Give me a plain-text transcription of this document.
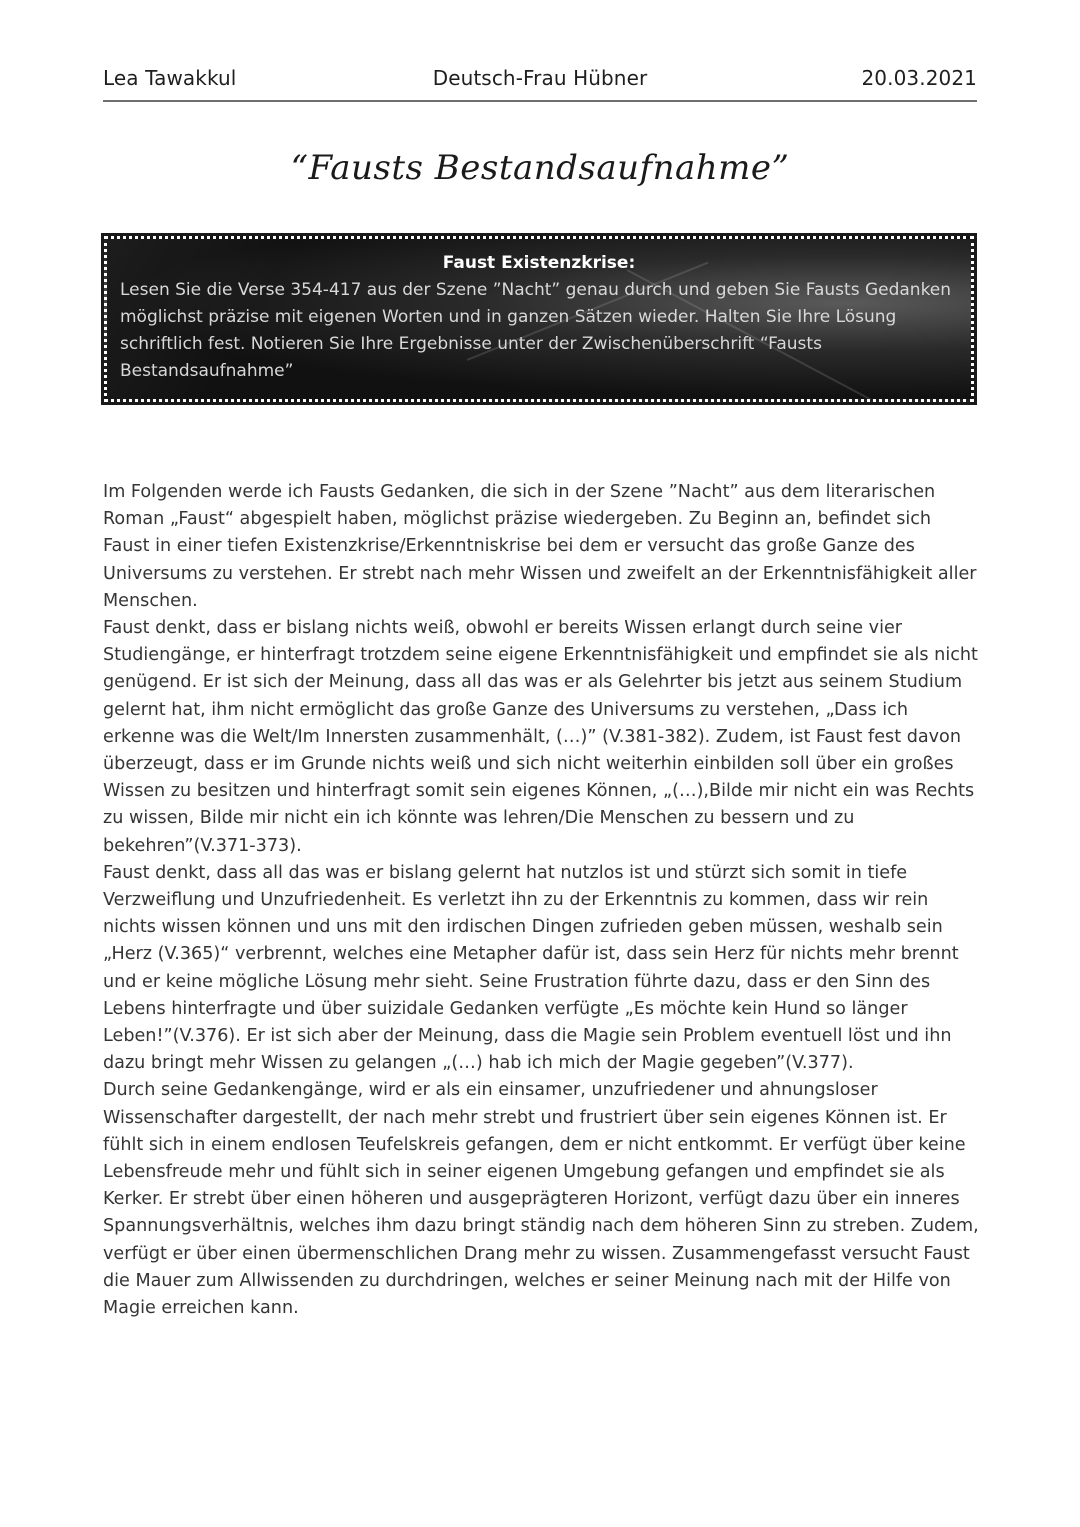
Lea Tawakkul	Deutsch-Frau Hübner	20.03.2021
“Fausts Bestandsaufnahme”
Faust Existenzkrise:
Lesen Sie die Verse 354-417 aus der Szene ”Nacht” genau durch und geben Sie Fausts Gedanken möglichst präzise mit eigenen Worten und in ganzen Sätzen wieder. Halten Sie Ihre Lösung schriftlich fest. Notieren Sie Ihre Ergebnisse unter der Zwischenüberschrift “Fausts Bestandsaufnahme”

Im Folgenden werde ich Fausts Gedanken, die sich in der Szene ”Nacht” aus dem literarischen Roman „Faust“ abgespielt haben, möglichst präzise wiedergeben. Zu Beginn an, befindet sich Faust in einer tiefen Existenzkrise/Erkenntniskrise bei dem er versucht das große Ganze des Universums zu verstehen. Er strebt nach mehr Wissen und zweifelt an der Erkenntnisfähigkeit aller Menschen.

Faust denkt, dass er bislang nichts weiß, obwohl er bereits Wissen erlangt durch seine vier Studiengänge, er hinterfragt trotzdem seine eigene Erkenntnisfähigkeit und empfindet sie als nicht genügend. Er ist sich der Meinung, dass all das was er als Gelehrter bis jetzt aus seinem Studium gelernt hat, ihm nicht ermöglicht das große Ganze des Universums zu verstehen, „Dass ich erkenne was die Welt/Im Innersten zusammenhält, (…)” (V.381-382). Zudem, ist Faust fest davon überzeugt, dass er im Grunde nichts weiß und sich nicht weiterhin einbilden soll über ein großes Wissen zu besitzen und hinterfragt somit sein eigenes Können, „(…),Bilde mir nicht ein was Rechts zu wissen, Bilde mir nicht ein ich könnte was lehren/Die Menschen zu bessern und zu bekehren”(V.371-373).

Faust denkt, dass all das was er bislang gelernt hat nutzlos ist und stürzt sich somit in tiefe Verzweiflung und Unzufriedenheit. Es verletzt ihn zu der Erkenntnis zu kommen, dass wir rein nichts wissen können und uns mit den irdischen Dingen zufrieden geben müssen, weshalb sein „Herz (V.365)“ verbrennt, welches eine Metapher dafür ist, dass sein Herz für nichts mehr brennt und er keine mögliche Lösung mehr sieht. Seine Frustration führte dazu, dass er den Sinn des Lebens hinterfragte und über suizidale Gedanken verfügte „Es möchte kein Hund so länger Leben!”(V.376). Er ist sich aber der Meinung, dass die Magie sein Problem eventuell löst und ihn dazu bringt mehr Wissen zu gelangen „(…) hab ich mich der Magie gegeben”(V.377).

Durch seine Gedankengänge, wird er als ein einsamer, unzufriedener und ahnungsloser Wissenschafter dargestellt, der nach mehr strebt und frustriert über sein eigenes Können ist. Er fühlt sich in einem endlosen Teufelskreis gefangen, dem er nicht entkommt. Er verfügt über keine Lebensfreude mehr und fühlt sich in seiner eigenen Umgebung gefangen und empfindet sie als Kerker. Er strebt über einen höheren und ausgeprägteren Horizont, verfügt dazu über ein inneres Spannungsverhältnis, welches ihm dazu bringt ständig nach dem höheren Sinn zu streben. Zudem, verfügt er über einen übermenschlichen Drang mehr zu wissen. Zusammengefasst versucht Faust die Mauer zum Allwissenden zu durchdringen, welches er seiner Meinung nach mit der Hilfe von Magie erreichen kann.
